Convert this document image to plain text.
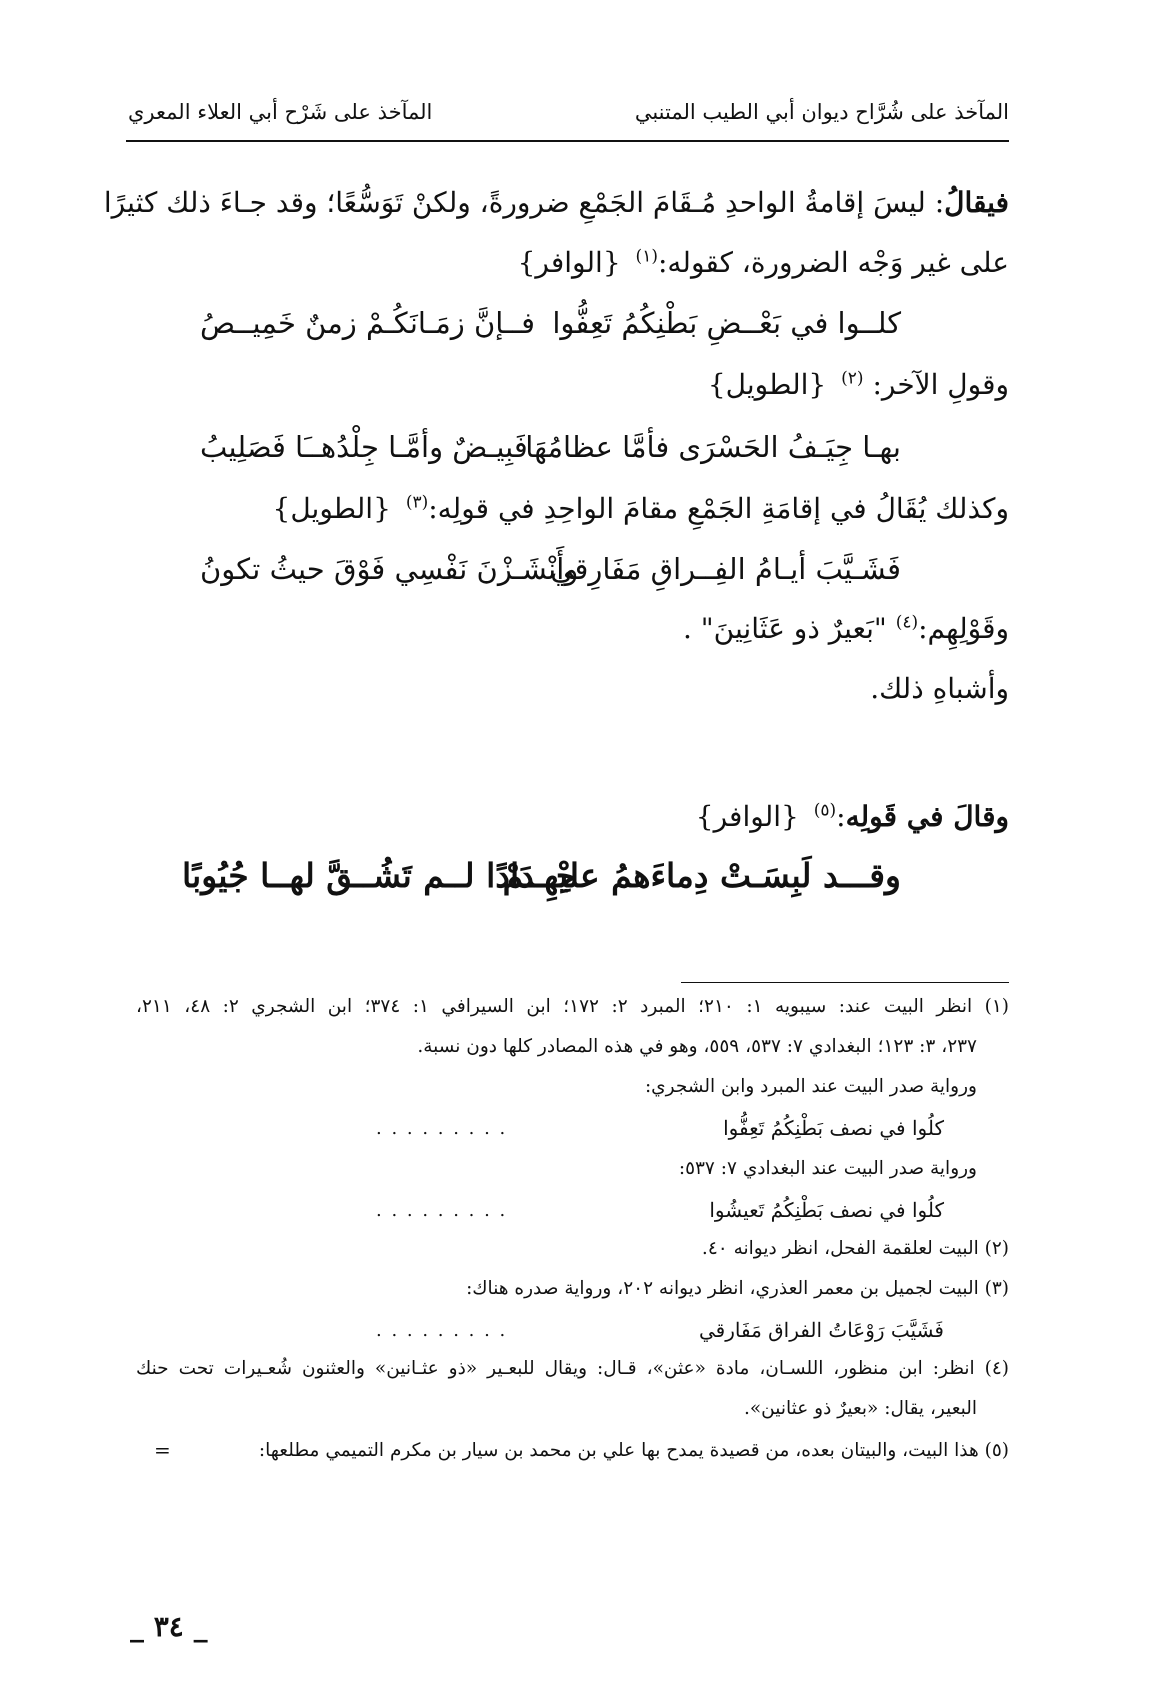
المآخذ على شُرَّاح ديوان أبي الطيب المتنبي
المآخذ على شَرْح أبي العلاء المعري
فيقالُ: ليسَ إقامةُ الواحدِ مُـقَامَ الجَمْعِ ضرورةً، ولكنْ تَوَسُّعًا؛ وقد جـاءَ ذلك كثيرًا
على غير وَجْه الضرورة، كقوله:$^{(١)}$ {الوافر}
كلــوا في بَعْــضِ بَطْنِكُمُ تَعِفُّوا
فــإنَّ زمَـانَكُـمْ زمنٌ خَمِيــصُ
وقولِ الآخر: $^{(٢)}$ {الطويل}
بهـا جِيَـفُ الحَسْرَى فأمَّا عظامُهَا
فَبِيـضٌ وأمَّـا جِلْدُهــَا فَصَلِيبُ
وكذلك يُقَالُ في إقامَةِ الجَمْعِ مقامَ الواحِدِ في قولِه:$^{(٣)}$ {الطويل}
فَشَـيَّبَ أيـامُ الفِــراقِ مَفَارِقي
وأَنْشَـزْنَ نَفْسِي فَوْقَ حيثُ تكونُ
وقَوْلِهِم:$^{(٤)}$ "بَعيرٌ ذو عَثَانِينَ" .
وأشباهِ ذلك.
وقالَ في قَولِه:$^{(٥)}$ {الوافر}
وقـــد لَبِسَـتْ دِماءَهمُ عليْهِــمْ
حِــدَادًا لــم تَشُــقَّ لهــا جُيُوبًا
(١) انظر البيت عند: سيبويه ١: ٢١٠؛ المبرد ٢: ١٧٢؛ ابن السيرافي ١: ٣٧٤؛ ابن الشجري ٢: ٤٨، ٢١١،
٢٣٧، ٣: ١٢٣؛ البغدادي ٧: ٥٣٧، ٥٥٩، وهو في هذه المصادر كلها دون نسبة.
ورواية صدر البيت عند المبرد وابن الشجري:
كلُوا في نصف بَطْنِكُمُ تَعِفُّوا
. . . . . . . . .
ورواية صدر البيت عند البغدادي ٧: ٥٣٧:
كلُوا في نصف بَطْنِكُمُ تَعيشُوا
. . . . . . . . .
(٢) البيت لعلقمة الفحل، انظر ديوانه ٤٠.
(٣) البيت لجميل بن معمر العذري، انظر ديوانه ٢٠٢، ورواية صدره هناك:
فَشَيَّبَ رَوْعَاتُ الفراق مَفَارقي
. . . . . . . . .
(٤) انظر: ابن منظور، اللسـان، مادة «عثن»، قـال: ويقال للبعـير «ذو عثـانين» والعثنون شُعـيرات تحت حنك
البعير، يقال: «بعيرٌ ذو عثانين».
(٥) هذا البيت، والبيتان بعده، من قصيدة يمدح بها علي بن محمد بن سيار بن مكرم التميمي مطلعها:
=
_ ٣٤ _
